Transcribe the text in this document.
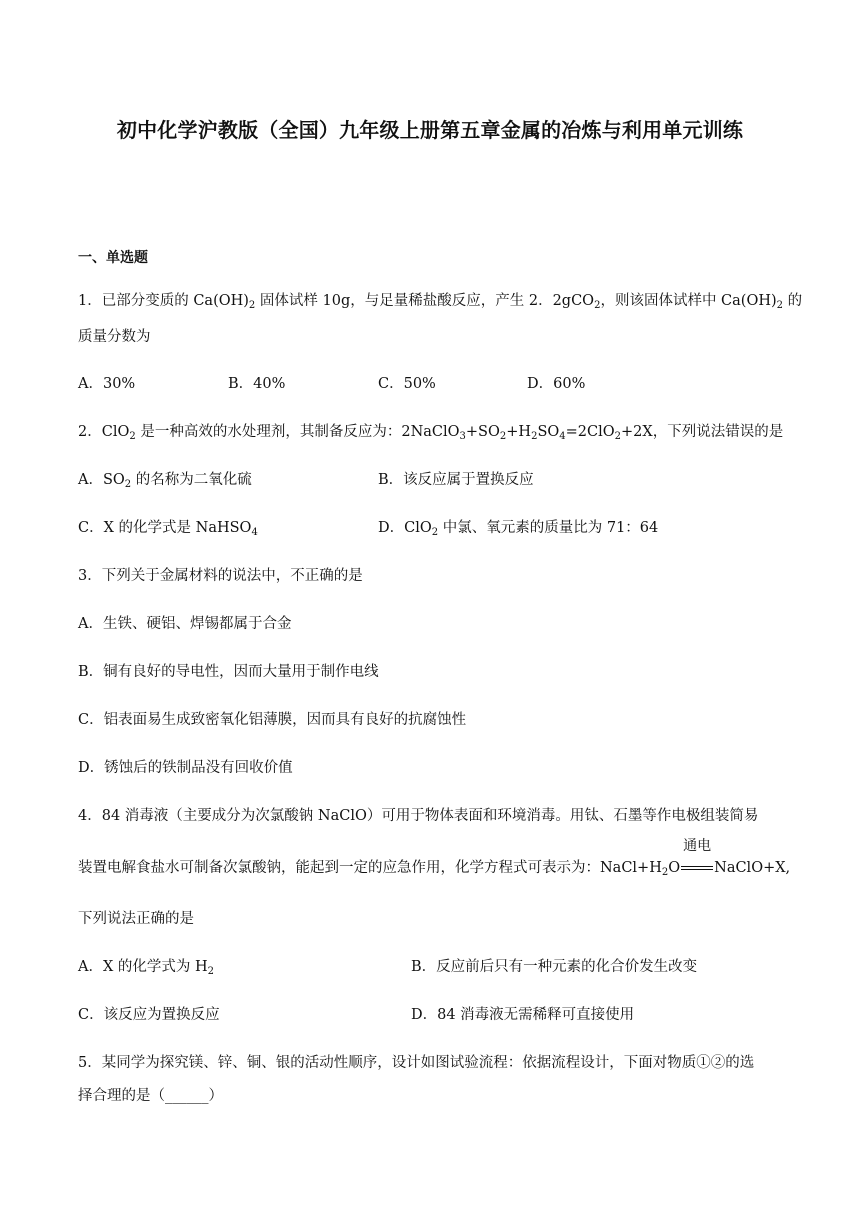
初中化学沪教版（全国）九年级上册第五章金属的冶炼与利用单元训练
一、单选题
1．已部分变质的 $Ca(OH)_2$ 固体试样 10g，与足量稀盐酸反应，产生 2．2gCO$_2$，则该固体试样中 $Ca(OH)_2$ 的
质量分数为
A．30%	B．40%	C．50%	D．60%
2．ClO$_2$ 是一种高效的水处理剂，其制备反应为：$2NaClO_3+SO_2+H_2SO_4=2ClO_2+2X$，下列说法错误的是
A．$SO_2$ 的名称为二氧化硫	B．该反应属于置换反应
C．X 的化学式是 NaHSO$_4$	D．ClO$_2$ 中氯、氧元素的质量比为 71：64
3．下列关于金属材料的说法中，不正确的是
A．生铁、硬铝、焊锡都属于合金
B．铜有良好的导电性，因而大量用于制作电线
C．铝表面易生成致密氧化铝薄膜，因而具有良好的抗腐蚀性
D．锈蚀后的铁制品没有回收价值
4．84 消毒液（主要成分为次氯酸钠 NaClO）可用于物体表面和环境消毒。用钛、石墨等作电极组装简易
装置电解食盐水可制备次氯酸钠，能起到一定的应急作用，化学方程式可表示为：$NaCl+H_2O$
通电
NaClO+X,
下列说法正确的是
A．X 的化学式为 $H_2$	B．反应前后只有一种元素的化合价发生改变
C．该反应为置换反应	D．84 消毒液无需稀释可直接使用
5．某同学为探究镁、锌、铜、银的活动性顺序，设计如图试验流程：依据流程设计，下面对物质①②的选
择合理的是（______）
